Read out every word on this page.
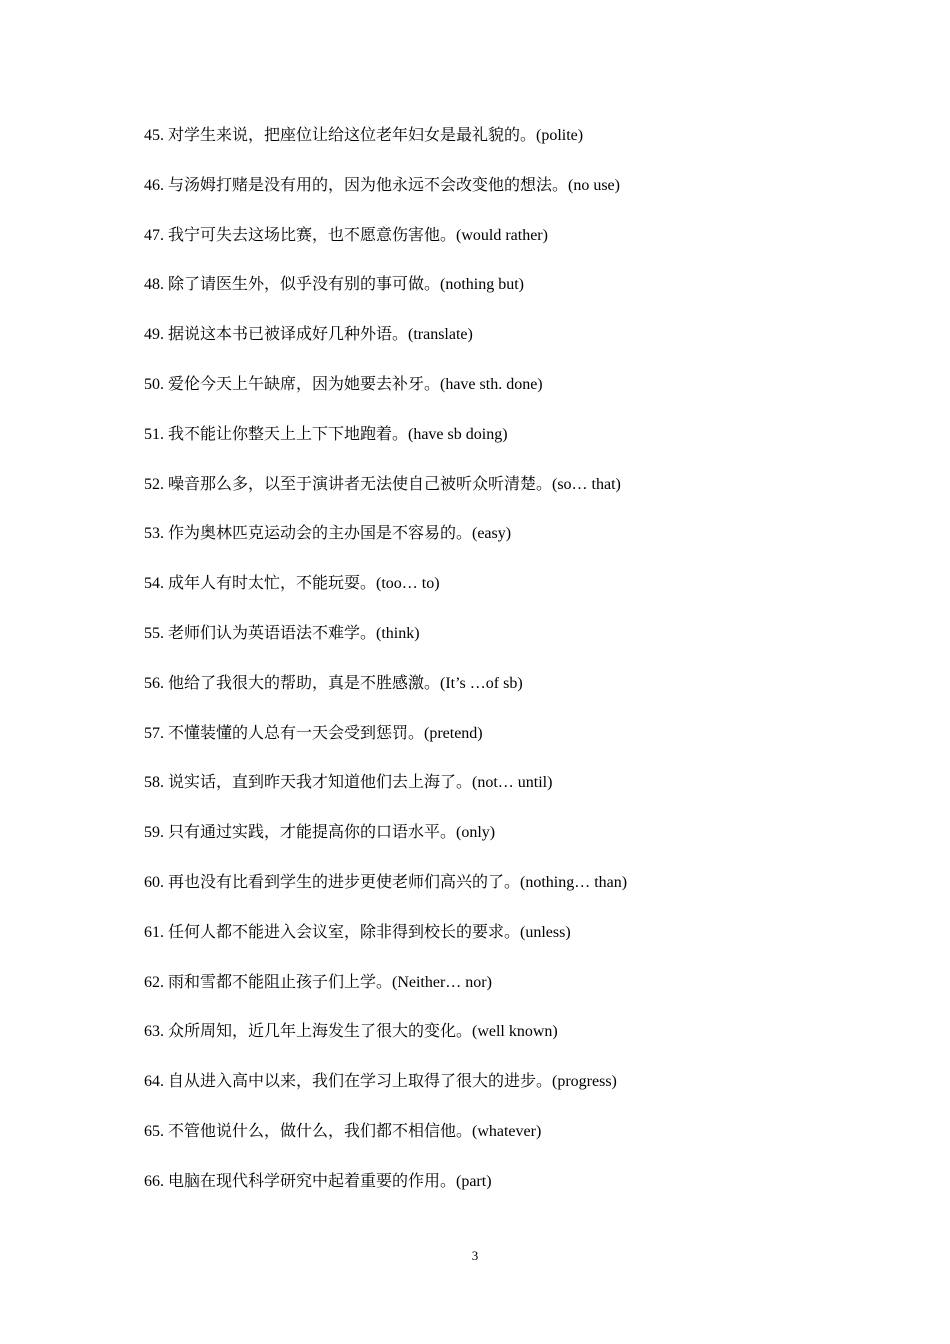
45. 对学生来说，把座位让给这位老年妇女是最礼貌的。(polite)
46. 与汤姆打赌是没有用的，因为他永远不会改变他的想法。(no use)
47. 我宁可失去这场比赛，也不愿意伤害他。(would rather)
48. 除了请医生外，似乎没有别的事可做。(nothing but)
49. 据说这本书已被译成好几种外语。(translate)
50. 爱伦今天上午缺席，因为她要去补牙。(have sth. done)
51. 我不能让你整天上上下下地跑着。(have sb doing)
52. 噪音那么多，以至于演讲者无法使自己被听众听清楚。(so… that)
53. 作为奥林匹克运动会的主办国是不容易的。(easy)
54. 成年人有时太忙，不能玩耍。(too… to)
55. 老师们认为英语语法不难学。(think)
56. 他给了我很大的帮助，真是不胜感激。(It’s …of sb)
57. 不懂装懂的人总有一天会受到惩罚。(pretend)
58. 说实话，直到昨天我才知道他们去上海了。(not… until)
59. 只有通过实践，才能提高你的口语水平。(only)
60. 再也没有比看到学生的进步更使老师们高兴的了。(nothing… than)
61. 任何人都不能进入会议室，除非得到校长的要求。(unless)
62. 雨和雪都不能阻止孩子们上学。(Neither… nor)
63. 众所周知，近几年上海发生了很大的变化。(well known)
64. 自从进入高中以来，我们在学习上取得了很大的进步。(progress)
65. 不管他说什么，做什么，我们都不相信他。(whatever)
66. 电脑在现代科学研究中起着重要的作用。(part)
3
